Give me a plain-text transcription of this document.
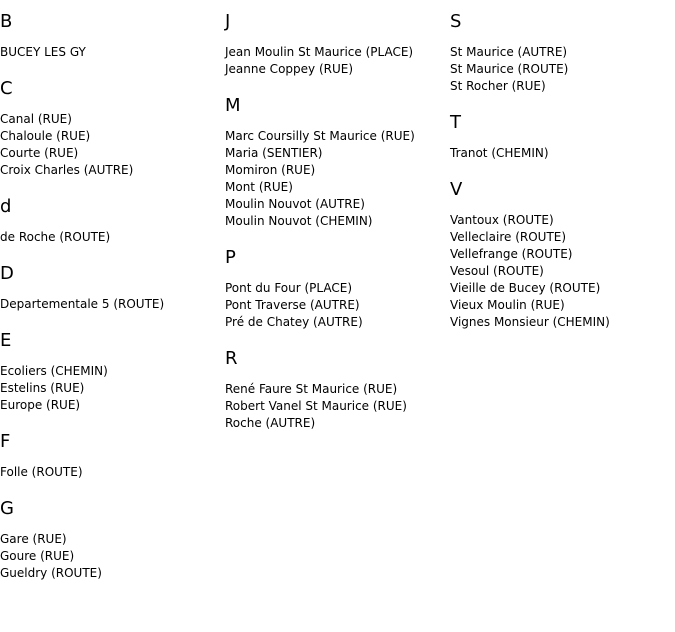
B
BUCEY LES GY
C
Canal (RUE)
Chaloule (RUE)
Courte (RUE)
Croix Charles (AUTRE)
d
de Roche (ROUTE)
D
Departementale 5 (ROUTE)
E
Ecoliers (CHEMIN)
Estelins (RUE)
Europe (RUE)
F
Folle (ROUTE)
G
Gare (RUE)
Goure (RUE)
Gueldry (ROUTE)
J
Jean Moulin St Maurice (PLACE)
Jeanne Coppey (RUE)
M
Marc Coursilly St Maurice (RUE)
Maria (SENTIER)
Momiron (RUE)
Mont (RUE)
Moulin Nouvot (AUTRE)
Moulin Nouvot (CHEMIN)
P
Pont du Four (PLACE)
Pont Traverse (AUTRE)
Pré de Chatey (AUTRE)
R
René Faure St Maurice (RUE)
Robert Vanel St Maurice (RUE)
Roche (AUTRE)
S
St Maurice (AUTRE)
St Maurice (ROUTE)
St Rocher (RUE)
T
Tranot (CHEMIN)
V
Vantoux (ROUTE)
Velleclaire (ROUTE)
Vellefrange (ROUTE)
Vesoul (ROUTE)
Vieille de Bucey (ROUTE)
Vieux Moulin (RUE)
Vignes Monsieur (CHEMIN)
